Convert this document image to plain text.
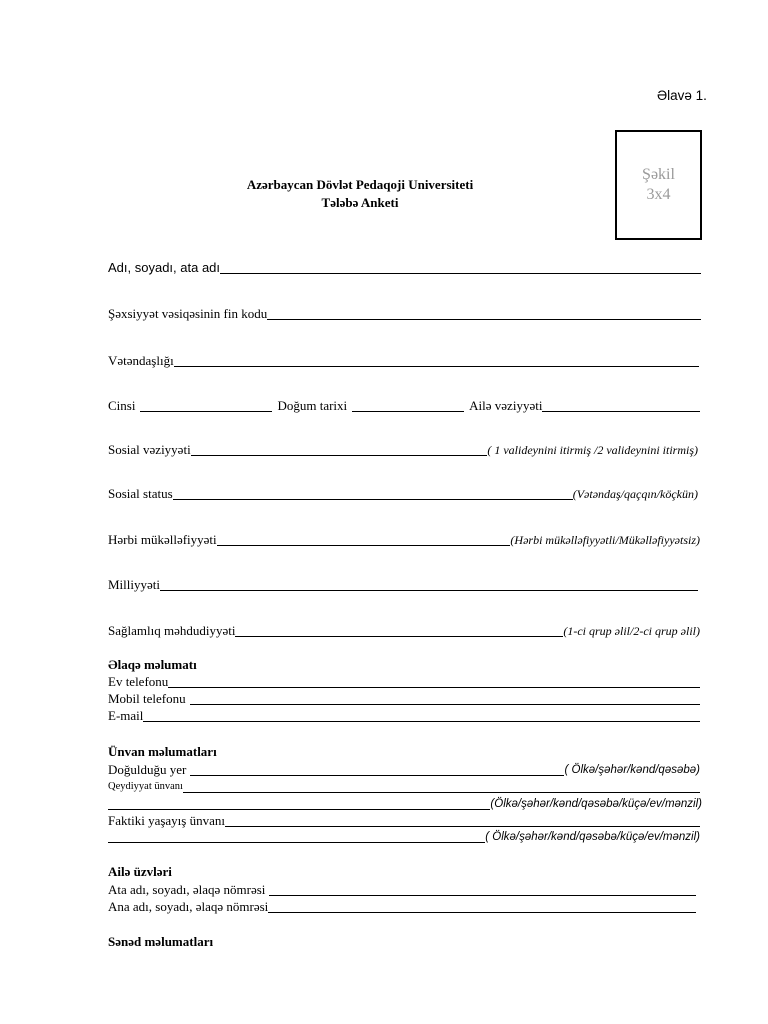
Əlavə 1.
Şəkil
3x4
Azərbaycan Dövlət Pedaqoji Universiteti
Tələbə Anketi
Adı, soyadı, ata adı
Şəxsiyyət vəsiqəsinin fin kodu
Vətəndaşlığı
Cinsi	Doğum tarixi	Ailə vəziyyəti
Sosial vəziyyəti	( 1 valideynini itirmiş /2 valideynini itirmiş)
Sosial status	(Vətəndaş/qaçqın/köçkün)
Hərbi mükəlləfiyyəti	(Hərbi mükəlləfiyyətli/Mükəlləfiyyətsiz)
Milliyyəti
Sağlamlıq məhdudiyyəti	(1-ci qrup əlil/2-ci qrup əlil)
Əlaqə məlumatı
Ev telefonu
Mobil telefonu
E-mail
Ünvan məlumatları
Doğulduğu yer	( Ölkə/şəhər/kənd/qəsəbə)
Qeydiyyat ünvanı
(Ölkə/şəhər/kənd/qəsəbə/küçə/ev/mənzil)
Faktiki yaşayış ünvanı
( Ölkə/şəhər/kənd/qəsəbə/küçə/ev/mənzil)
Ailə üzvləri
Ata adı, soyadı, əlaqə nömrəsi
Ana adı, soyadı, əlaqə nömrəsi
Sənəd məlumatları
